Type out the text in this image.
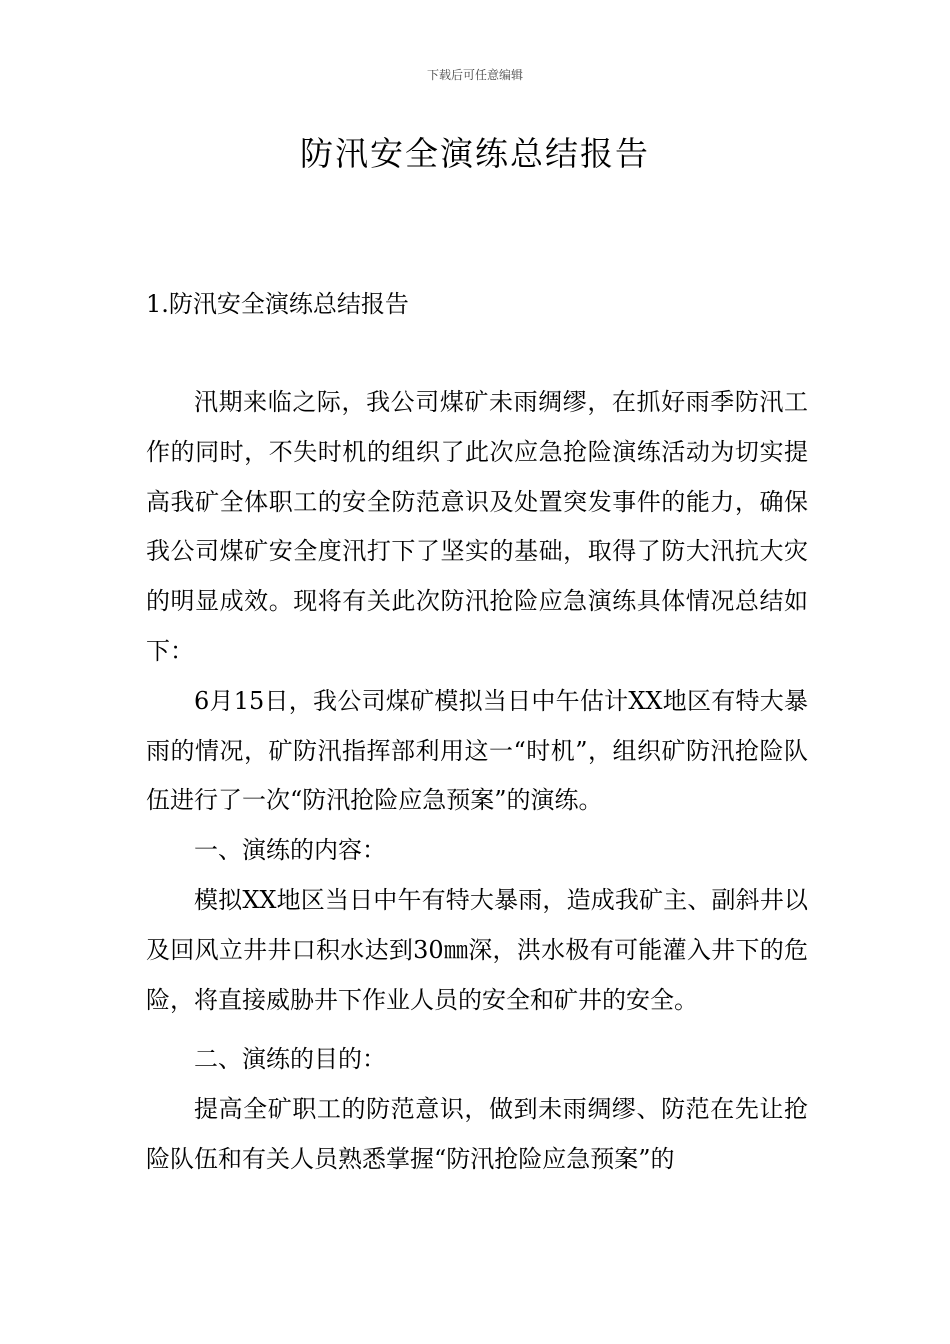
下载后可任意编辑
防汛安全演练总结报告
1.防汛安全演练总结报告

汛期来临之际，我公司煤矿未雨绸缪，在抓好雨季防汛工作的同时，不失时机的组织了此次应急抢险演练活动为切实提高我矿全体职工的安全防范意识及处置突发事件的能力，确保我公司煤矿安全度汛打下了坚实的基础，取得了防大汛抗大灾的明显成效。现将有关此次防汛抢险应急演练具体情况总结如下：

6月15日，我公司煤矿模拟当日中午估计XX地区有特大暴雨的情况，矿防汛指挥部利用这一“时机”，组织矿防汛抢险队伍进行了一次“防汛抢险应急预案”的演练。

一、演练的内容：

模拟XX地区当日中午有特大暴雨，造成我矿主、副斜井以及回风立井井口积水达到30㎜深，洪水极有可能灌入井下的危险，将直接威胁井下作业人员的安全和矿井的安全。

二、演练的目的：

提高全矿职工的防范意识，做到未雨绸缪、防范在先让抢险队伍和有关人员熟悉掌握“防汛抢险应急预案”的
